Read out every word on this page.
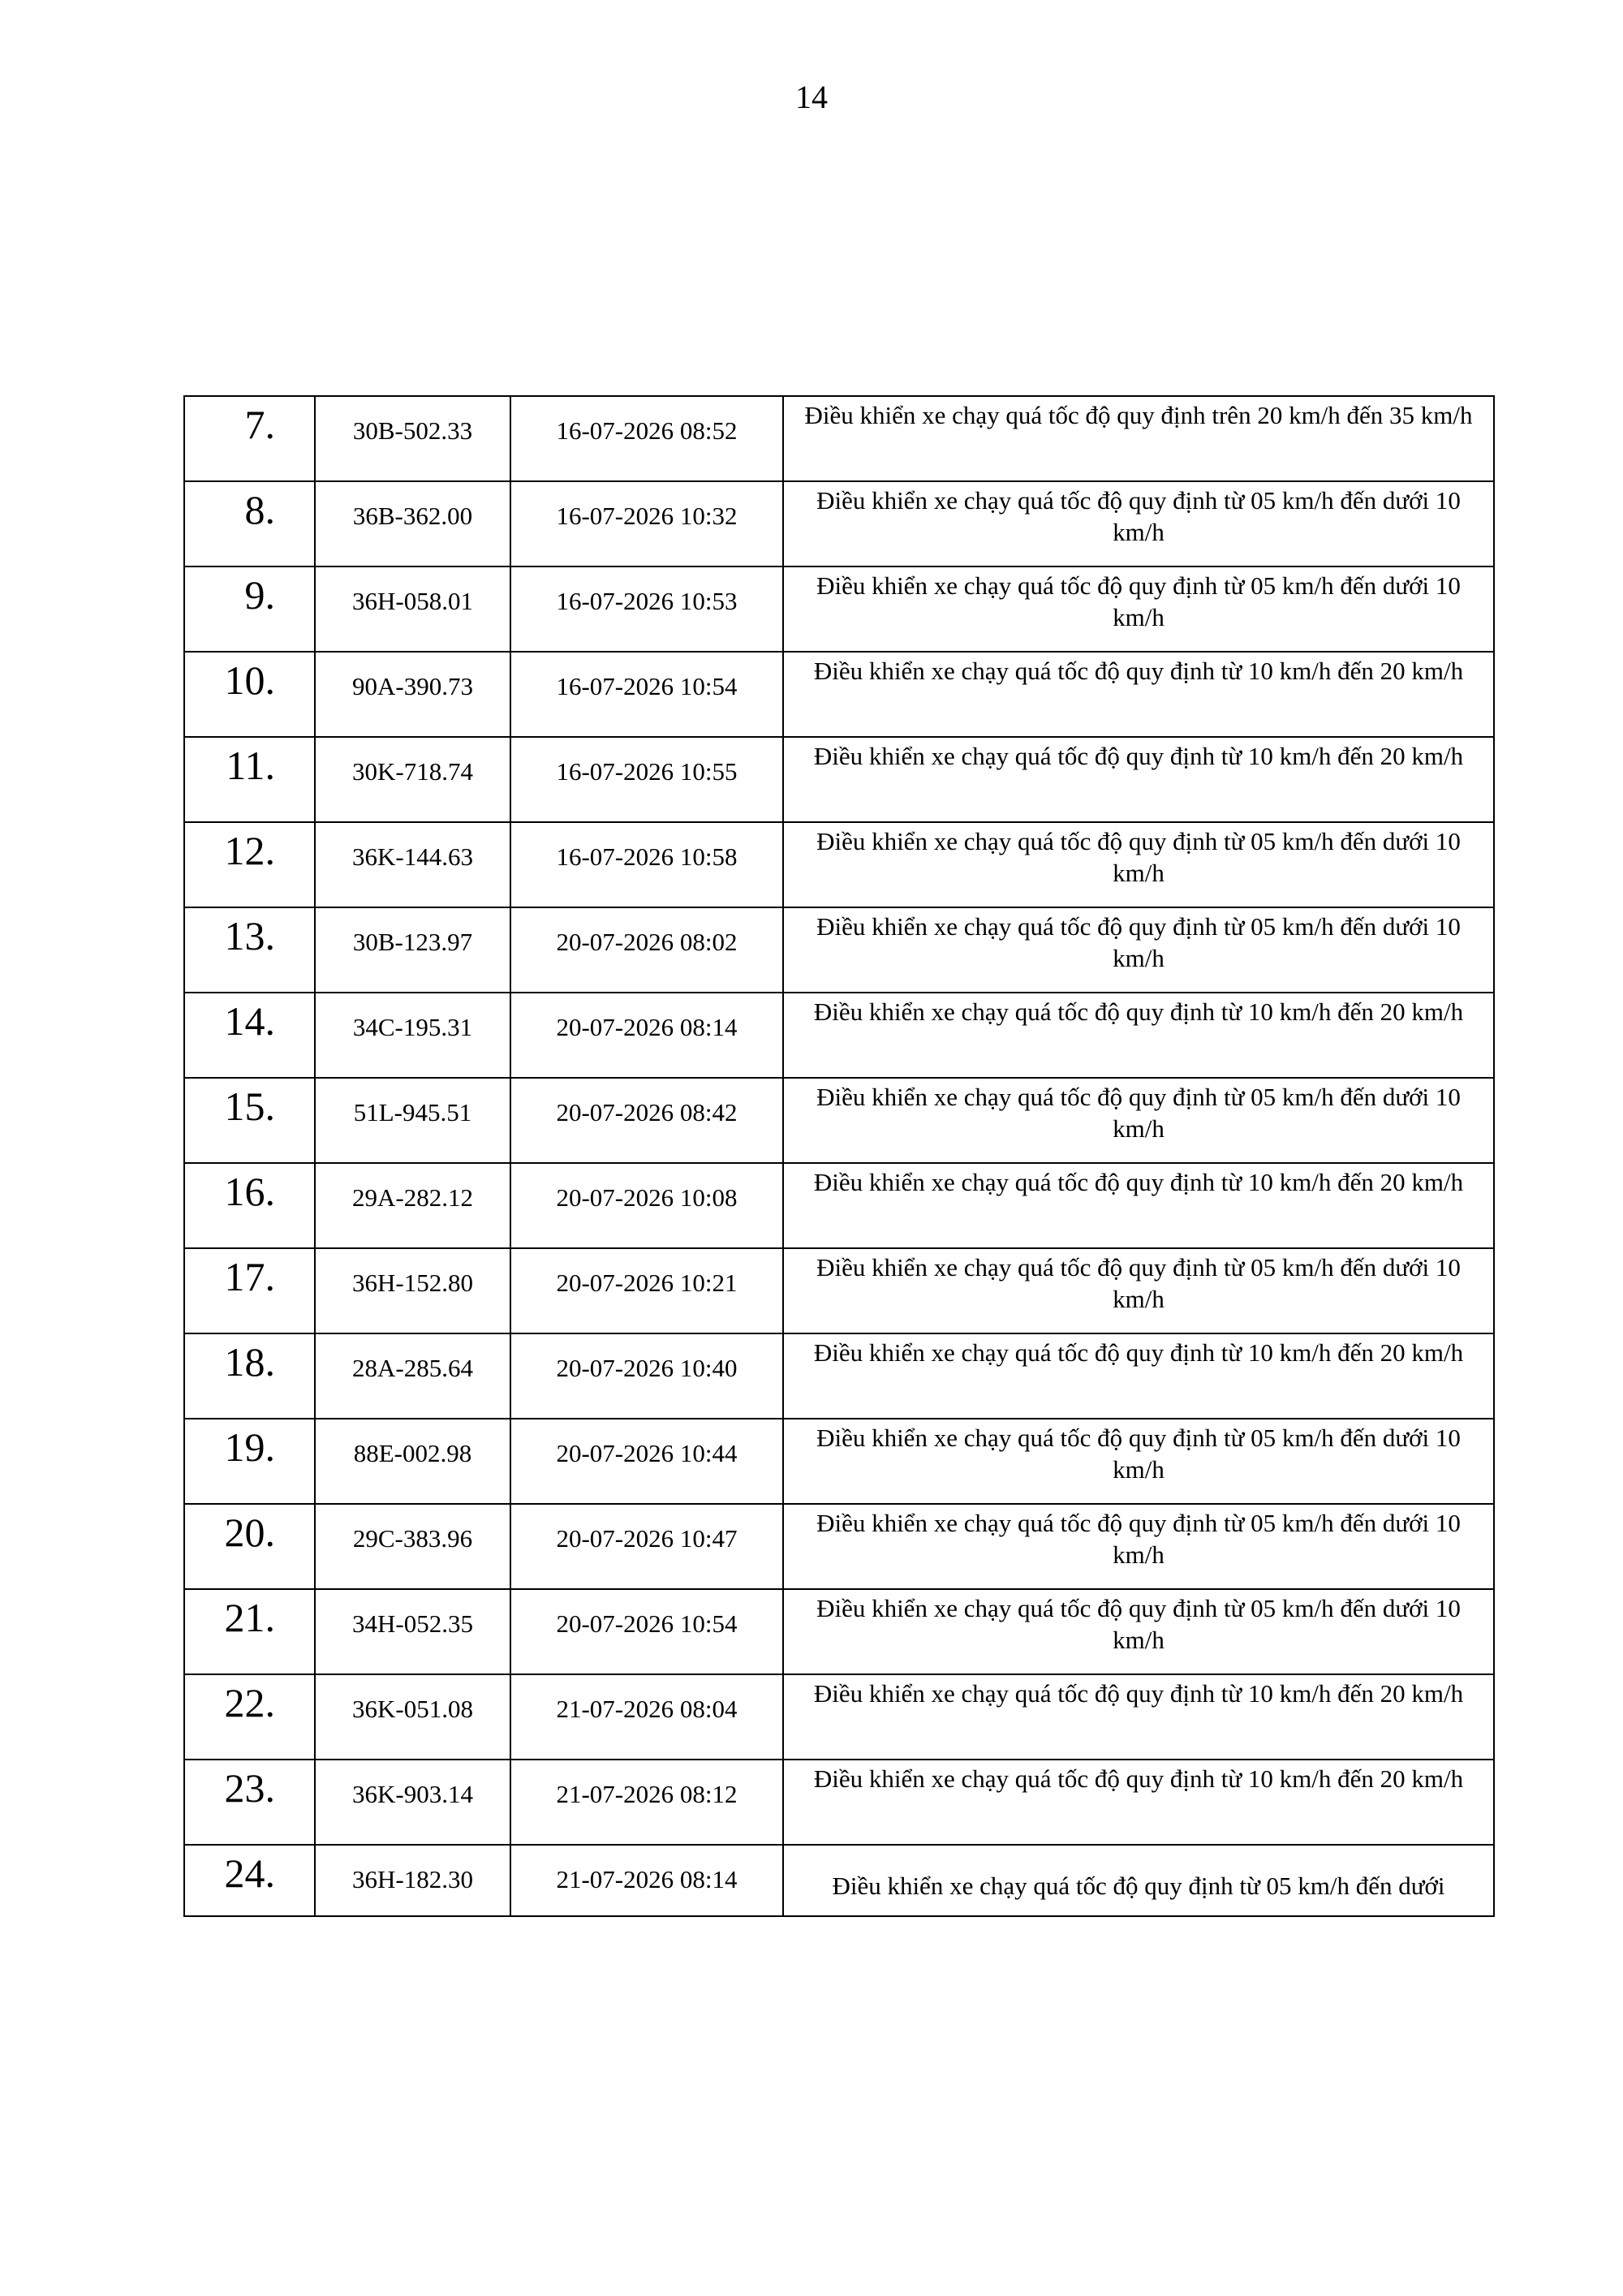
14
7.	30B-502.33	16-07-2026 08:52	Điều khiển xe chạy quá tốc độ quy định trên 20 km/h đến 35 km/h
8.	36B-362.00	16-07-2026 10:32	Điều khiển xe chạy quá tốc độ quy định từ 05 km/h đến dưới 10 km/h
9.	36H-058.01	16-07-2026 10:53	Điều khiển xe chạy quá tốc độ quy định từ 05 km/h đến dưới 10 km/h
10.	90A-390.73	16-07-2026 10:54	Điều khiển xe chạy quá tốc độ quy định từ 10 km/h đến 20 km/h
11.	30K-718.74	16-07-2026 10:55	Điều khiển xe chạy quá tốc độ quy định từ 10 km/h đến 20 km/h
12.	36K-144.63	16-07-2026 10:58	Điều khiển xe chạy quá tốc độ quy định từ 05 km/h đến dưới 10 km/h
13.	30B-123.97	20-07-2026 08:02	Điều khiển xe chạy quá tốc độ quy định từ 05 km/h đến dưới 10 km/h
14.	34C-195.31	20-07-2026 08:14	Điều khiển xe chạy quá tốc độ quy định từ 10 km/h đến 20 km/h
15.	51L-945.51	20-07-2026 08:42	Điều khiển xe chạy quá tốc độ quy định từ 05 km/h đến dưới 10 km/h
16.	29A-282.12	20-07-2026 10:08	Điều khiển xe chạy quá tốc độ quy định từ 10 km/h đến 20 km/h
17.	36H-152.80	20-07-2026 10:21	Điều khiển xe chạy quá tốc độ quy định từ 05 km/h đến dưới 10 km/h
18.	28A-285.64	20-07-2026 10:40	Điều khiển xe chạy quá tốc độ quy định từ 10 km/h đến 20 km/h
19.	88E-002.98	20-07-2026 10:44	Điều khiển xe chạy quá tốc độ quy định từ 05 km/h đến dưới 10 km/h
20.	29C-383.96	20-07-2026 10:47	Điều khiển xe chạy quá tốc độ quy định từ 05 km/h đến dưới 10 km/h
21.	34H-052.35	20-07-2026 10:54	Điều khiển xe chạy quá tốc độ quy định từ 05 km/h đến dưới 10 km/h
22.	36K-051.08	21-07-2026 08:04	Điều khiển xe chạy quá tốc độ quy định từ 10 km/h đến 20 km/h
23.	36K-903.14	21-07-2026 08:12	Điều khiển xe chạy quá tốc độ quy định từ 10 km/h đến 20 km/h
24.	36H-182.30	21-07-2026 08:14	Điều khiển xe chạy quá tốc độ quy định từ 05 km/h đến dưới
